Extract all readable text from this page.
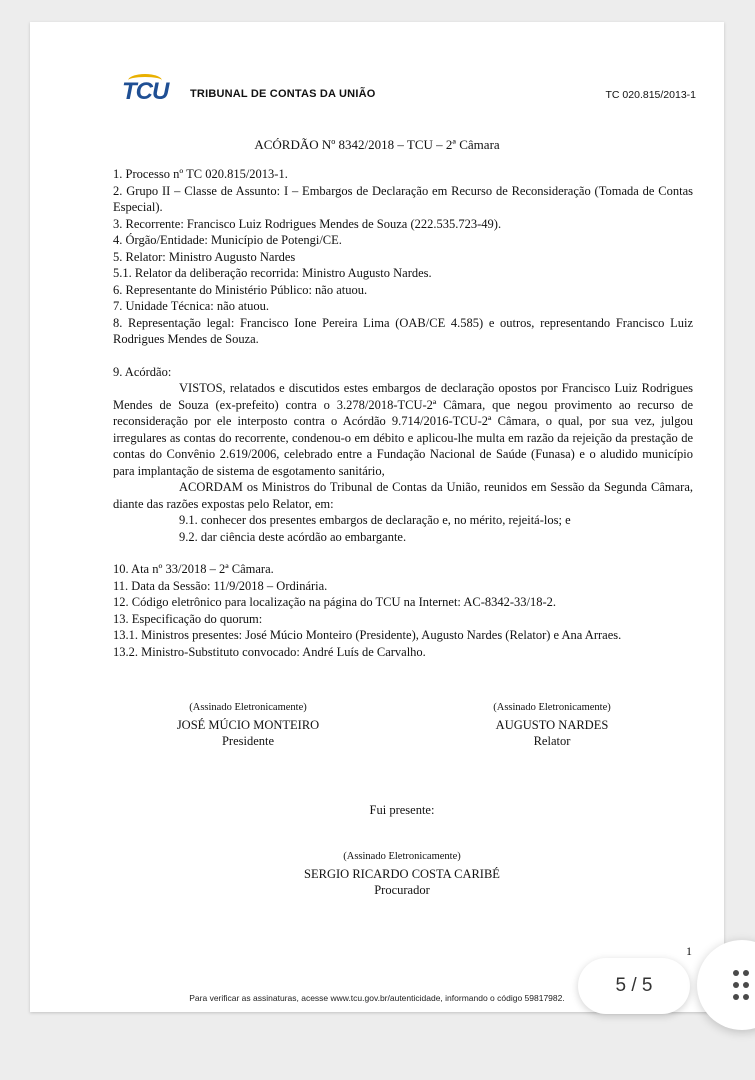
TCU TRIBUNAL DE CONTAS DA UNIÃO	TC 020.815/2013-1
ACÓRDÃO Nº 8342/2018 – TCU – 2ª Câmara

1. Processo nº TC 020.815/2013-1.

2. Grupo II – Classe de Assunto: I – Embargos de Declaração em Recurso de Reconsideração (Tomada de Contas Especial).

3. Recorrente: Francisco Luiz Rodrigues Mendes de Souza (222.535.723-49).

4. Órgão/Entidade: Município de Potengi/CE.

5. Relator: Ministro Augusto Nardes

5.1. Relator da deliberação recorrida: Ministro Augusto Nardes.

6. Representante do Ministério Público: não atuou.

7. Unidade Técnica: não atuou.

8. Representação legal: Francisco Ione Pereira Lima (OAB/CE 4.585) e outros, representando Francisco Luiz Rodrigues Mendes de Souza.

9. Acórdão:

VISTOS, relatados e discutidos estes embargos de declaração opostos por Francisco Luiz Rodrigues Mendes de Souza (ex-prefeito) contra o 3.278/2018-TCU-2ª Câmara, que negou provimento ao recurso de reconsideração por ele interposto contra o Acórdão 9.714/2016-TCU-2ª Câmara, o qual, por sua vez, julgou irregulares as contas do recorrente, condenou-o em débito e aplicou-lhe multa em razão da rejeição da prestação de contas do Convênio 2.619/2006, celebrado entre a Fundação Nacional de Saúde (Funasa) e o aludido município para implantação de sistema de esgotamento sanitário,

ACORDAM os Ministros do Tribunal de Contas da União, reunidos em Sessão da Segunda Câmara, diante das razões expostas pelo Relator, em:

9.1. conhecer dos presentes embargos de declaração e, no mérito, rejeitá-los; e

9.2. dar ciência deste acórdão ao embargante.

10. Ata nº 33/2018 – 2ª Câmara.

11. Data da Sessão: 11/9/2018 – Ordinária.

12. Código eletrônico para localização na página do TCU na Internet: AC-8342-33/18-2.

13. Especificação do quorum:

13.1. Ministros presentes: José Múcio Monteiro (Presidente), Augusto Nardes (Relator) e Ana Arraes.

13.2. Ministro-Substituto convocado: André Luís de Carvalho.

(Assinado Eletronicamente)
JOSÉ MÚCIO MONTEIRO
Presidente
(Assinado Eletronicamente)
AUGUSTO NARDES
Relator
Fui presente:
(Assinado Eletronicamente)
SERGIO RICARDO COSTA CARIBÉ
Procurador
1
Para verificar as assinaturas, acesse www.tcu.gov.br/autenticidade, informando o código 59817982.
5 / 5
